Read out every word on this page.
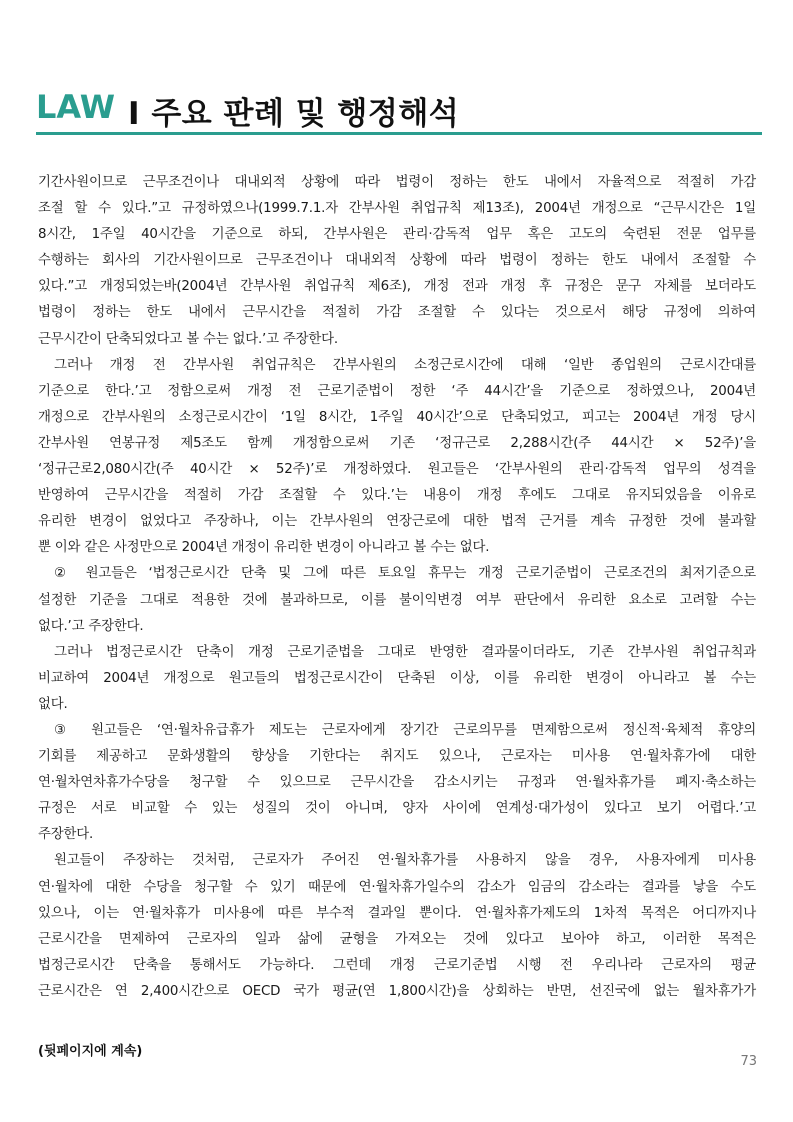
LAW I 주요 판례 및 행정해석

기간사원이므로 근무조건이나 대내외적 상황에 따라 법령이 정하는 한도 내에서 자율적으로 적절히 가감

조절 할 수 있다.”고 규정하였으나(1999.7.1.자 간부사원 취업규칙 제13조), 2004년 개정으로 “근무시간은 1일

8시간, 1주일 40시간을 기준으로 하되, 간부사원은 관리·감독적 업무 혹은 고도의 숙련된 전문 업무를

수행하는 회사의 기간사원이므로 근무조건이나 대내외적 상황에 따라 법령이 정하는 한도 내에서 조절할 수

있다.”고 개정되었는바(2004년 간부사원 취업규칙 제6조), 개정 전과 개정 후 규정은 문구 자체를 보더라도

법령이 정하는 한도 내에서 근무시간을 적절히 가감 조절할 수 있다는 것으로서 해당 규정에 의하여

근무시간이 단축되었다고 볼 수는 없다.’고 주장한다.

그러나 개정 전 간부사원 취업규칙은 간부사원의 소정근로시간에 대해 ‘일반 종업원의 근로시간대를

기준으로 한다.’고 정함으로써 개정 전 근로기준법이 정한 ‘주 44시간’을 기준으로 정하였으나, 2004년

개정으로 간부사원의 소정근로시간이 ‘1일 8시간, 1주일 40시간’으로 단축되었고, 피고는 2004년 개정 당시

간부사원 연봉규정 제5조도 함께 개정함으로써 기존 ‘정규근로 2,288시간(주 44시간 × 52주)’을

‘정규근로2,080시간(주 40시간 × 52주)’로 개정하였다. 원고들은 ‘간부사원의 관리·감독적 업무의 성격을

반영하여 근무시간을 적절히 가감 조절할 수 있다.’는 내용이 개정 후에도 그대로 유지되었음을 이유로

유리한 변경이 없었다고 주장하나, 이는 간부사원의 연장근로에 대한 법적 근거를 계속 규정한 것에 불과할

뿐 이와 같은 사정만으로 2004년 개정이 유리한 변경이 아니라고 볼 수는 없다.

② 원고들은 ‘법정근로시간 단축 및 그에 따른 토요일 휴무는 개정 근로기준법이 근로조건의 최저기준으로

설정한 기준을 그대로 적용한 것에 불과하므로, 이를 불이익변경 여부 판단에서 유리한 요소로 고려할 수는

없다.’고 주장한다.

그러나 법정근로시간 단축이 개정 근로기준법을 그대로 반영한 결과물이더라도, 기존 간부사원 취업규칙과

비교하여 2004년 개정으로 원고들의 법정근로시간이 단축된 이상, 이를 유리한 변경이 아니라고 볼 수는

없다.

③ 원고들은 ‘연·월차유급휴가 제도는 근로자에게 장기간 근로의무를 면제함으로써 정신적·육체적 휴양의

기회를 제공하고 문화생활의 향상을 기한다는 취지도 있으나, 근로자는 미사용 연·월차휴가에 대한

연·월차연차휴가수당을 청구할 수 있으므로 근무시간을 감소시키는 규정과 연·월차휴가를 폐지·축소하는

규정은 서로 비교할 수 있는 성질의 것이 아니며, 양자 사이에 연계성·대가성이 있다고 보기 어렵다.’고

주장한다.

원고들이 주장하는 것처럼, 근로자가 주어진 연·월차휴가를 사용하지 않을 경우, 사용자에게 미사용

연·월차에 대한 수당을 청구할 수 있기 때문에 연·월차휴가일수의 감소가 임금의 감소라는 결과를 낳을 수도

있으나, 이는 연·월차휴가 미사용에 따른 부수적 결과일 뿐이다. 연·월차휴가제도의 1차적 목적은 어디까지나

근로시간을 면제하여 근로자의 일과 삶에 균형을 가져오는 것에 있다고 보아야 하고, 이러한 목적은

법정근로시간 단축을 통해서도 가능하다. 그런데 개정 근로기준법 시행 전 우리나라 근로자의 평균

근로시간은 연 2,400시간으로 OECD 국가 평균(연 1,800시간)을 상회하는 반면, 선진국에 없는 월차휴가가

(뒷페이지에 계속)
73
